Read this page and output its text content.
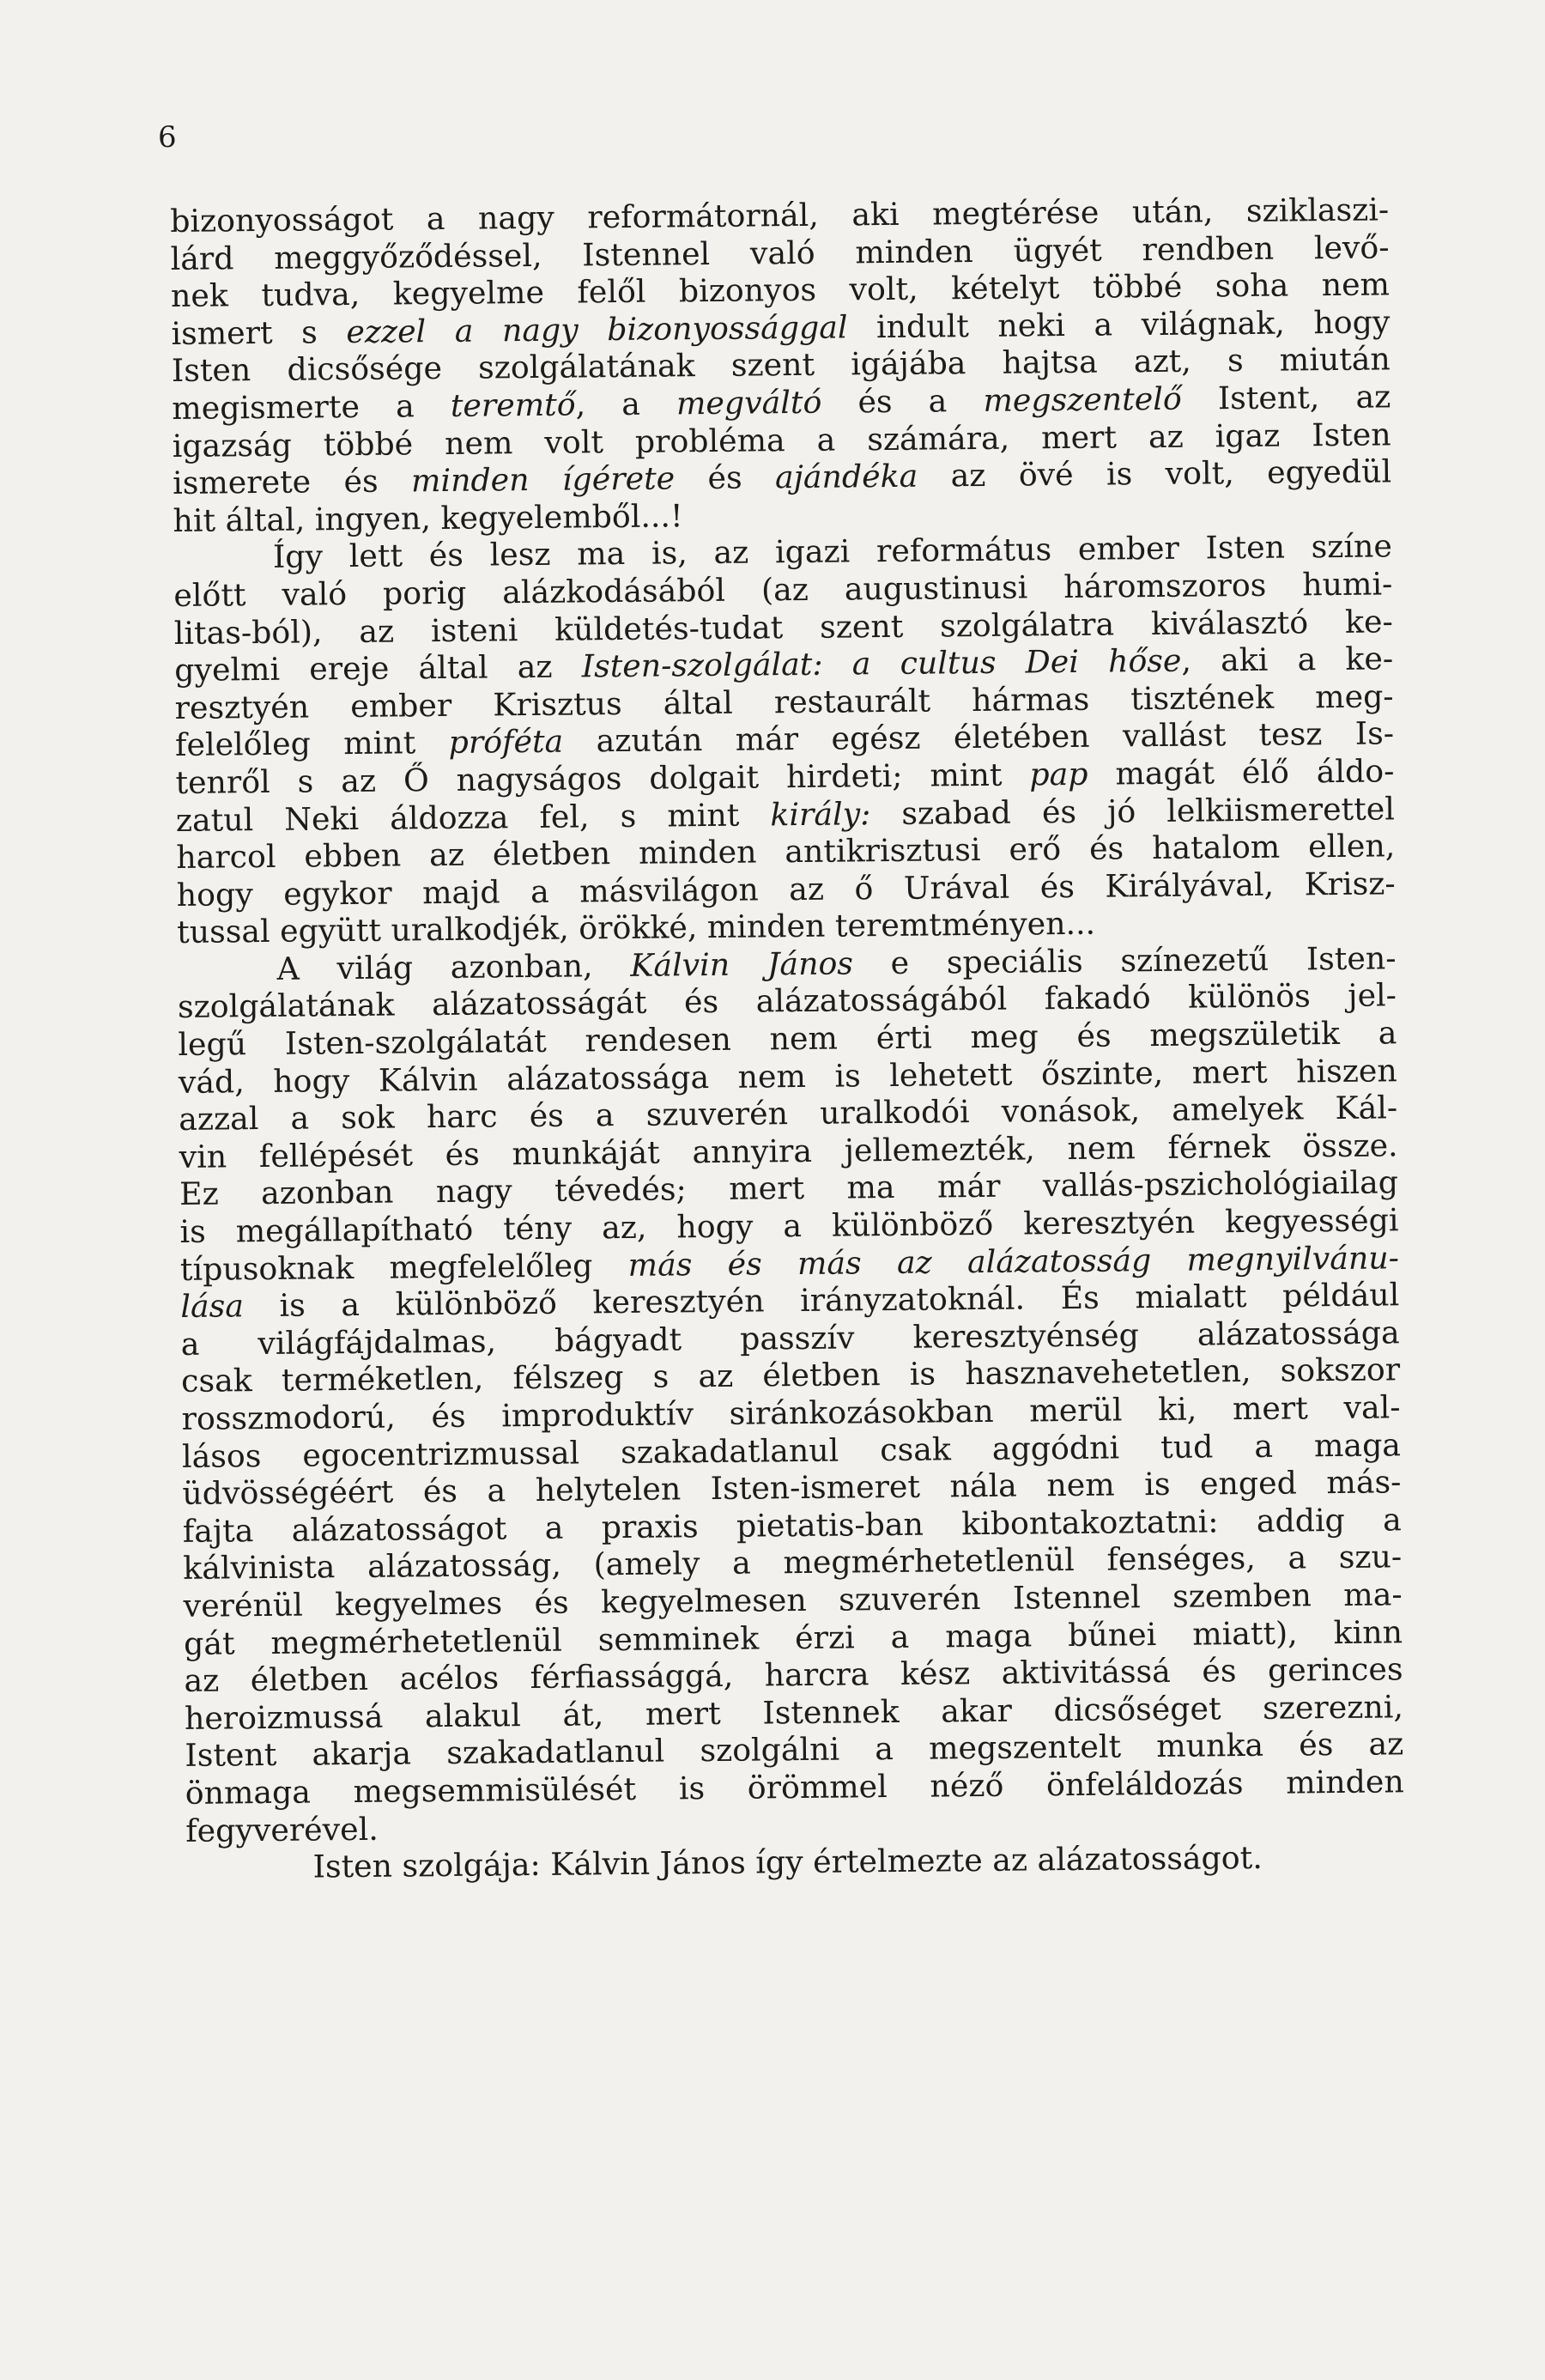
6
bizonyosságot a nagy reformátornál, aki megtérése után, sziklaszi-
lárd meggyőződéssel, Istennel való minden ügyét rendben levő-
nek tudva, kegyelme felől bizonyos volt, kételyt többé soha nem
ismert s ezzel a nagy bizonyossággal indult neki a világnak, hogy
Isten dicsősége szolgálatának szent igájába hajtsa azt, s miután
megismerte a teremtő, a megváltó és a megszentelő Istent, az
igazság többé nem volt probléma a számára, mert az igaz Isten
ismerete és minden ígérete és ajándéka az övé is volt, egyedül
hit által, ingyen, kegyelemből...!
Így lett és lesz ma is, az igazi református ember Isten színe
előtt való porig alázkodásából (az augustinusi háromszoros humi-
litas-ból), az isteni küldetés-tudat szent szolgálatra kiválasztó ke-
gyelmi ereje által az Isten-szolgálat: a cultus Dei hőse, aki a ke-
resztyén ember Krisztus által restaurált hármas tisztének meg-
felelőleg mint próféta azután már egész életében vallást tesz Is-
tenről s az Ő nagyságos dolgait hirdeti; mint pap magát élő áldo-
zatul Neki áldozza fel, s mint király: szabad és jó lelkiismerettel
harcol ebben az életben minden antikrisztusi erő és hatalom ellen,
hogy egykor majd a másvilágon az ő Urával és Királyával, Krisz-
tussal együtt uralkodjék, örökké, minden teremtményen...
A világ azonban, Kálvin János e speciális színezetű Isten-
szolgálatának alázatosságát és alázatosságából fakadó különös jel-
legű Isten-szolgálatát rendesen nem érti meg és megszületik a
vád, hogy Kálvin alázatossága nem is lehetett őszinte, mert hiszen
azzal a sok harc és a szuverén uralkodói vonások, amelyek Kál-
vin fellépését és munkáját annyira jellemezték, nem férnek össze.
Ez azonban nagy tévedés; mert ma már vallás-pszichológiailag
is megállapítható tény az, hogy a különböző keresztyén kegyességi
típusoknak megfelelőleg más és más az alázatosság megnyilvánu-
lása is a különböző keresztyén irányzatoknál. És mialatt például
a világfájdalmas, bágyadt passzív keresztyénség alázatossága
csak terméketlen, félszeg s az életben is hasznavehetetlen, sokszor
rosszmodorú, és improduktív siránkozásokban merül ki, mert val-
lásos egocentrizmussal szakadatlanul csak aggódni tud a maga
üdvösségéért és a helytelen Isten-ismeret nála nem is enged más-
fajta alázatosságot a praxis pietatis-ban kibontakoztatni: addig a
kálvinista alázatosság, (amely a megmérhetetlenül fenséges, a szu-
verénül kegyelmes és kegyelmesen szuverén Istennel szemben ma-
gát megmérhetetlenül semminek érzi a maga bűnei miatt), kinn
az életben acélos férfiassággá, harcra kész aktivitássá és gerinces
heroizmussá alakul át, mert Istennek akar dicsőséget szerezni,
Istent akarja szakadatlanul szolgálni a megszentelt munka és az
önmaga megsemmisülését is örömmel néző önfeláldozás minden
fegyverével.
Isten szolgája: Kálvin János így értelmezte az alázatosságot.
